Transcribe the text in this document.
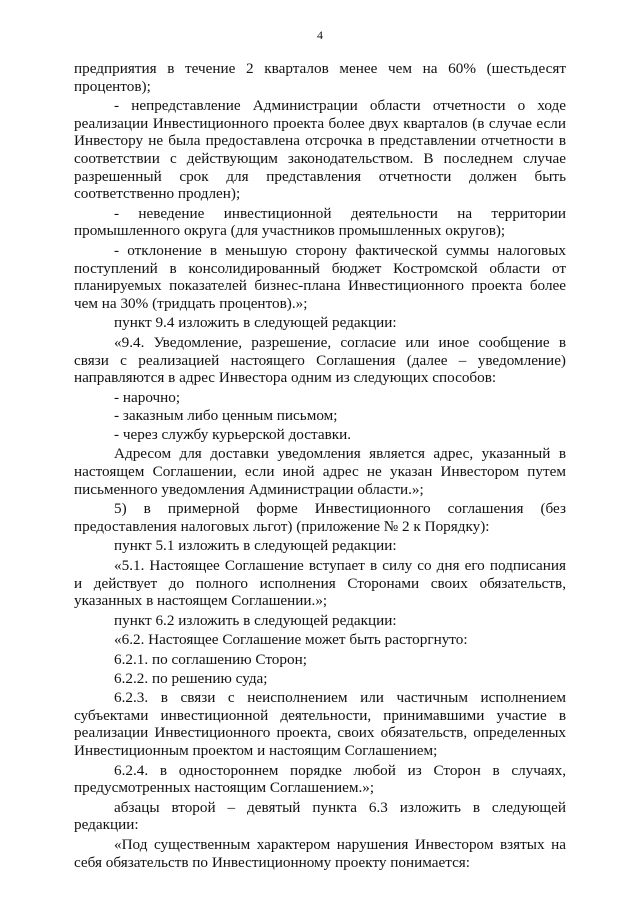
4

предприятия в течение 2 кварталов менее чем на 60% (шестьдесят процентов);

- непредставление Администрации области отчетности о ходе реализации Инвестиционного проекта более двух кварталов (в случае если Инвестору не была предоставлена отсрочка в представлении отчетности в соответствии с действующим законодательством. В последнем случае разрешенный срок для представления отчетности должен быть соответственно продлен);

- неведение инвестиционной деятельности на территории промышленного округа (для участников промышленных округов);

- отклонение в меньшую сторону фактической суммы налоговых поступлений в консолидированный бюджет Костромской области от планируемых показателей бизнес-плана Инвестиционного проекта более чем на 30% (тридцать процентов).»;

пункт 9.4 изложить в следующей редакции:

«9.4. Уведомление, разрешение, согласие или иное сообщение в связи с реализацией настоящего Соглашения (далее – уведомление) направляются в адрес Инвестора одним из следующих способов:

- нарочно;

- заказным либо ценным письмом;

- через службу курьерской доставки.

Адресом для доставки уведомления является адрес, указанный в настоящем Соглашении, если иной адрес не указан Инвестором путем письменного уведомления Администрации области.»;

5) в примерной форме Инвестиционного соглашения (без предоставления налоговых льгот) (приложение № 2 к Порядку):

пункт 5.1 изложить в следующей редакции:

«5.1. Настоящее Соглашение вступает в силу со дня его подписания и действует до полного исполнения Сторонами своих обязательств, указанных в настоящем Соглашении.»;

пункт 6.2 изложить в следующей редакции:

«6.2. Настоящее Соглашение может быть расторгнуто:

6.2.1. по соглашению Сторон;

6.2.2. по решению суда;

6.2.3. в связи с неисполнением или частичным исполнением субъектами инвестиционной деятельности, принимавшими участие в реализации Инвестиционного проекта, своих обязательств, определенных Инвестиционным проектом и настоящим Соглашением;

6.2.4. в одностороннем порядке любой из Сторон в случаях, предусмотренных настоящим Соглашением.»;

абзацы второй – девятый пункта 6.3 изложить в следующей редакции:

«Под существенным характером нарушения Инвестором взятых на себя обязательств по Инвестиционному проекту понимается:
